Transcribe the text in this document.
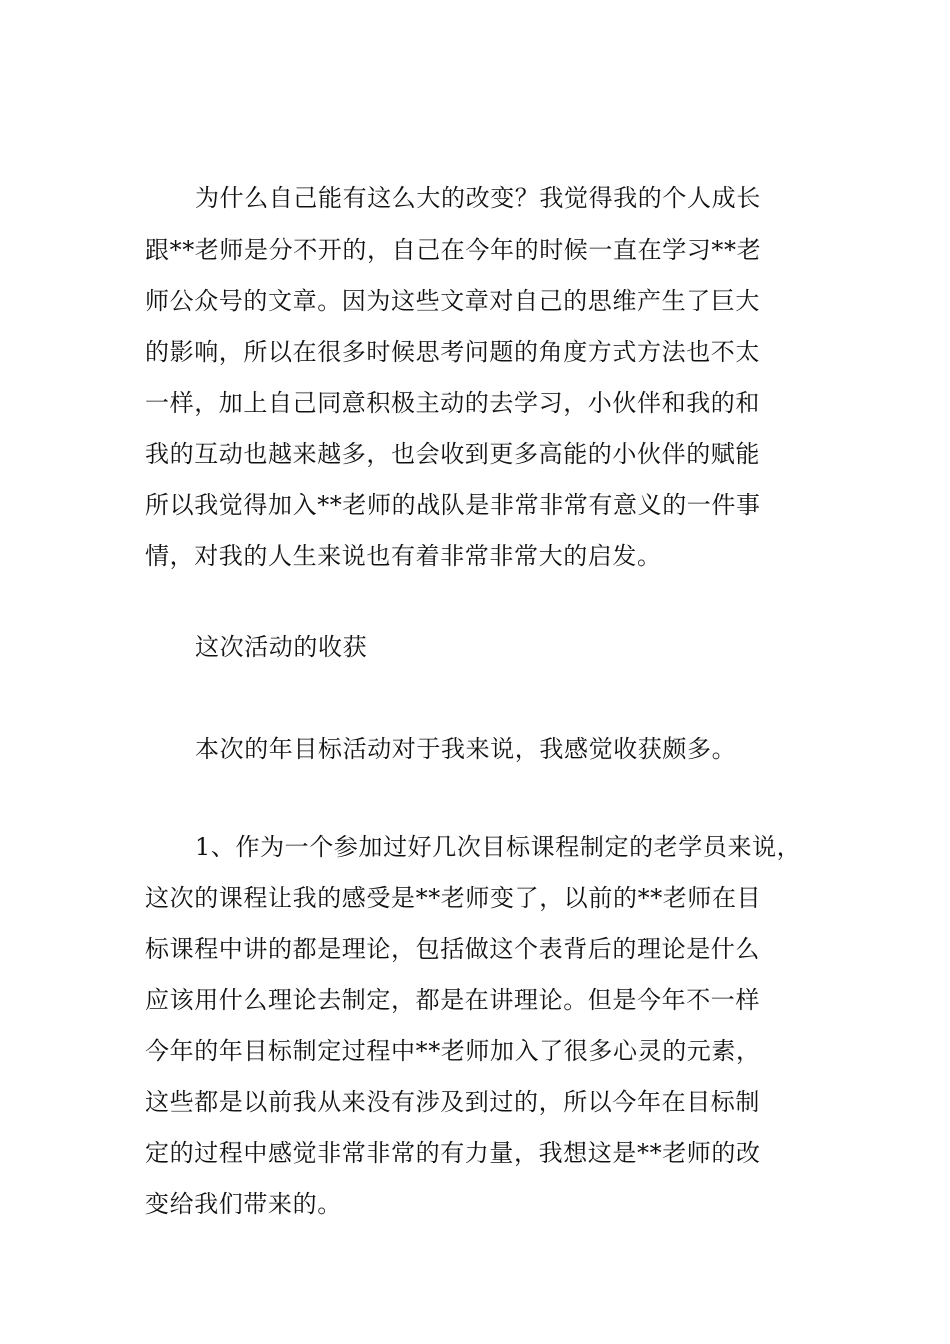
为什么自己能有这么大的改变？我觉得我的个人成长
跟**老师是分不开的，自己在今年的时候一直在学习**老
师公众号的文章。因为这些文章对自己的思维产生了巨大
的影响，所以在很多时候思考问题的角度方式方法也不太
一样，加上自己同意积极主动的去学习，小伙伴和我的和
我的互动也越来越多，也会收到更多高能的小伙伴的赋能
所以我觉得加入**老师的战队是非常非常有意义的一件事
情，对我的人生来说也有着非常非常大的启发。
这次活动的收获
本次的年目标活动对于我来说，我感觉收获颇多。
1、作为一个参加过好几次目标课程制定的老学员来说，
这次的课程让我的感受是**老师变了，以前的**老师在目
标课程中讲的都是理论，包括做这个表背后的理论是什么
应该用什么理论去制定，都是在讲理论。但是今年不一样
今年的年目标制定过程中**老师加入了很多心灵的元素，
这些都是以前我从来没有涉及到过的，所以今年在目标制
定的过程中感觉非常非常的有力量，我想这是**老师的改
变给我们带来的。
